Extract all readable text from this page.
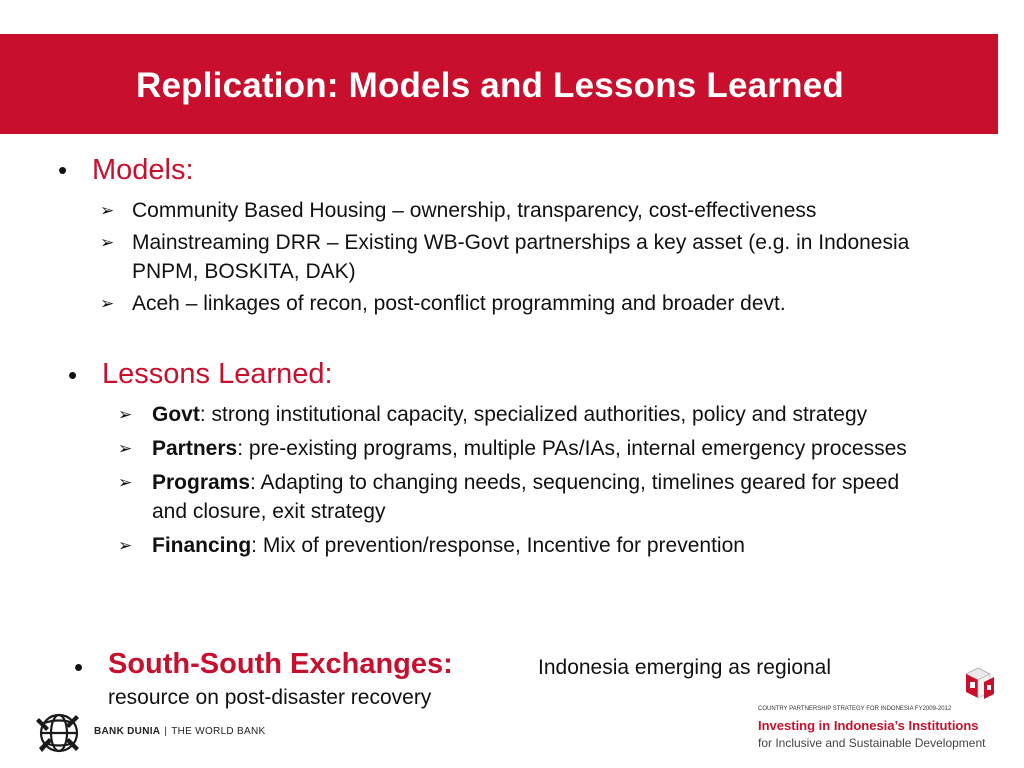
Replication: Models and Lessons Learned
• Models:
➢ Community Based Housing – ownership, transparency, cost-effectiveness
➢ Mainstreaming DRR – Existing WB-Govt partnerships a key asset (e.g. in Indonesia PNPM, BOSKITA, DAK)
➢ Aceh – linkages of recon, post-conflict programming and broader devt.
• Lessons Learned:
➢ Govt: strong institutional capacity, specialized authorities, policy and strategy
➢ Partners: pre-existing programs, multiple PAs/IAs, internal emergency processes
➢ Programs: Adapting to changing needs, sequencing, timelines geared for speed and closure, exit strategy
➢ Financing: Mix of prevention/response, Incentive for prevention
• South-South Exchanges:	Indonesia emerging as regional
resource on post-disaster recovery
BANK DUNIA | THE WORLD BANK
COUNTRY PARTNERSHIP STRATEGY FOR INDONESIA FY2009-2012
Investing in Indonesia’s Institutions
for Inclusive and Sustainable Development
